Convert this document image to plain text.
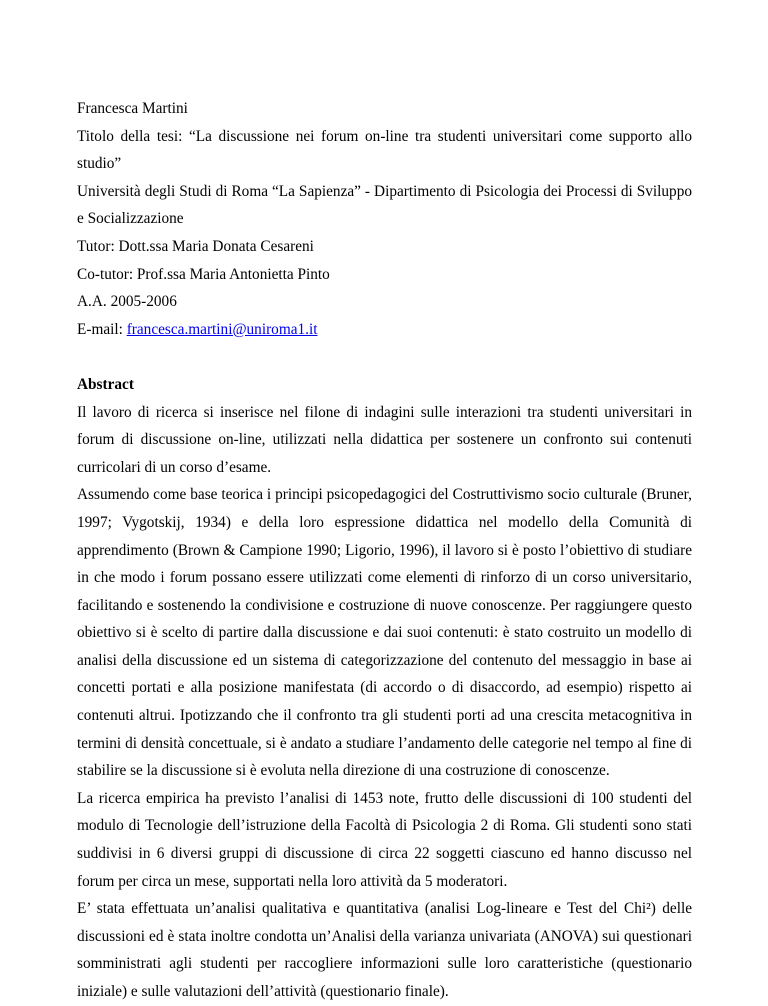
Francesca Martini

Titolo della tesi: “La discussione nei forum on-line tra studenti universitari come supporto allo studio”

Università degli Studi di Roma “La Sapienza” - Dipartimento di Psicologia dei Processi di Sviluppo e Socializzazione

Tutor: Dott.ssa Maria Donata Cesareni
Co-tutor: Prof.ssa Maria Antonietta Pinto
A.A. 2005-2006
E-mail: francesca.martini@uniroma1.it
Abstract

Il lavoro di ricerca si inserisce nel filone di indagini sulle interazioni tra studenti universitari in forum di discussione on-line, utilizzati nella didattica per sostenere un confronto sui contenuti curricolari di un corso d’esame.

Assumendo come base teorica i principi psicopedagogici del Costruttivismo socio culturale (Bruner, 1997; Vygotskij, 1934) e della loro espressione didattica nel modello della Comunità di apprendimento (Brown & Campione 1990; Ligorio, 1996), il lavoro si è posto l’obiettivo di studiare in che modo i forum possano essere utilizzati come elementi di rinforzo di un corso universitario, facilitando e sostenendo la condivisione e costruzione di nuove conoscenze. Per raggiungere questo obiettivo si è scelto di partire dalla discussione e dai suoi contenuti: è stato costruito un modello di analisi della discussione ed un sistema di categorizzazione del contenuto del messaggio in base ai concetti portati e alla posizione manifestata (di accordo o di disaccordo, ad esempio) rispetto ai contenuti altrui. Ipotizzando che il confronto tra gli studenti porti ad una crescita metacognitiva in termini di densità concettuale, si è andato a studiare l’andamento delle categorie nel tempo al fine di stabilire se la discussione si è evoluta nella direzione di una costruzione di conoscenze.

La ricerca empirica ha previsto l’analisi di 1453 note, frutto delle discussioni di 100 studenti del modulo di Tecnologie dell’istruzione della Facoltà di Psicologia 2 di Roma. Gli studenti sono stati suddivisi in 6 diversi gruppi di discussione di circa 22 soggetti ciascuno ed hanno discusso nel forum per circa un mese, supportati nella loro attività da 5 moderatori.

E’ stata effettuata un’analisi qualitativa e quantitativa (analisi Log-lineare e Test del Chi²) delle discussioni ed è stata inoltre condotta un’Analisi della varianza univariata (ANOVA) sui questionari somministrati agli studenti per raccogliere informazioni sulle loro caratteristiche (questionario iniziale) e sulle valutazioni dell’attività (questionario finale).
